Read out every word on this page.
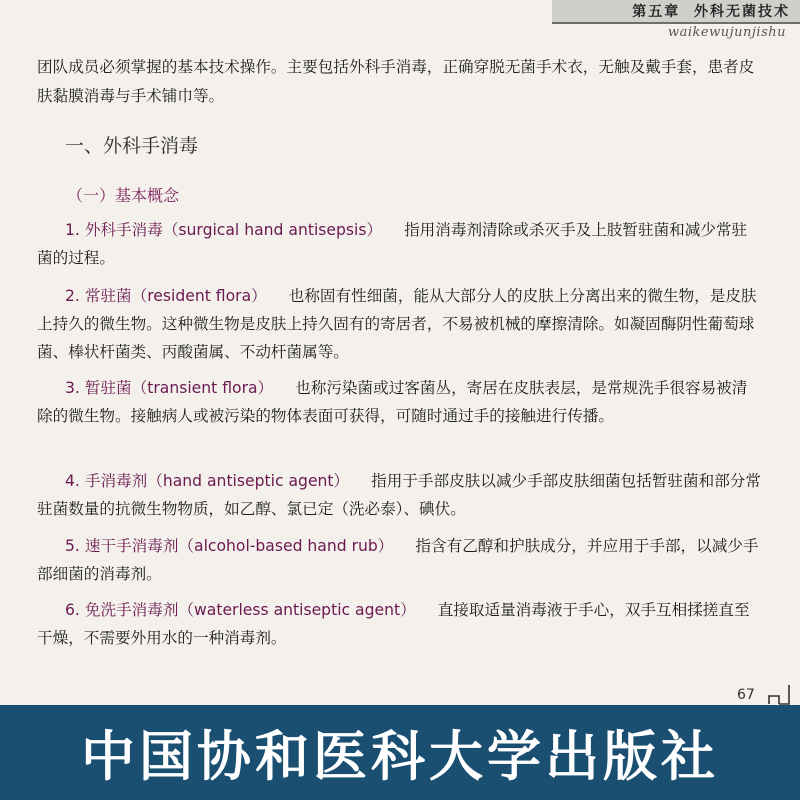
第五章  外科无菌技术
waikewujunjishu

团队成员必须掌握的基本技术操作。主要包括外科手消毒，正确穿脱无菌手术衣，无触及戴手套，患者皮肤黏膜消毒与手术铺巾等。

一、外科手消毒
（一）基本概念

1. 外科手消毒（surgical hand antisepsis） 指用消毒剂清除或杀灭手及上肢暂驻菌和减少常驻菌的过程。

2. 常驻菌（resident flora） 也称固有性细菌，能从大部分人的皮肤上分离出来的微生物，是皮肤上持久的微生物。这种微生物是皮肤上持久固有的寄居者，不易被机械的摩擦清除。如凝固酶阴性葡萄球菌、棒状杆菌类、丙酸菌属、不动杆菌属等。

3. 暂驻菌（transient flora） 也称污染菌或过客菌丛，寄居在皮肤表层，是常规洗手很容易被清除的微生物。接触病人或被污染的物体表面可获得，可随时通过手的接触进行传播。

4. 手消毒剂（hand antiseptic agent） 指用于手部皮肤以减少手部皮肤细菌包括暂驻菌和部分常驻菌数量的抗微生物物质，如乙醇、氯已定（洗必泰）、碘伏。

5. 速干手消毒剂（alcohol-based hand rub） 指含有乙醇和护肤成分，并应用于手部，以减少手部细菌的消毒剂。

6. 免洗手消毒剂（waterless antiseptic agent） 直接取适量消毒液于手心，双手互相揉搓直至干燥，不需要外用水的一种消毒剂。

67
中国协和医科大学出版社
